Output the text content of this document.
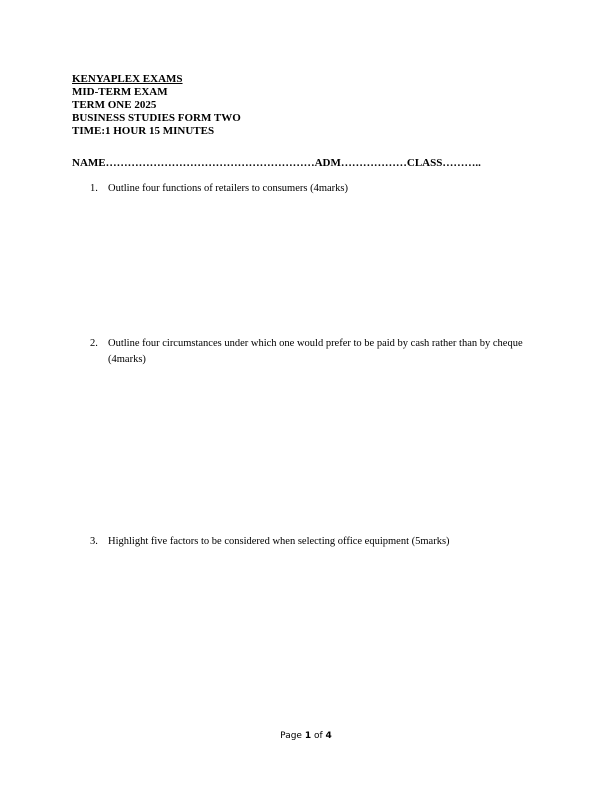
KENYAPLEX EXAMS
MID-TERM EXAM
TERM ONE 2025
BUSINESS STUDIES FORM TWO
TIME:1 HOUR 15 MINUTES
NAME…………………………………………………ADM………………CLASS………..
1. Outline four functions of retailers to consumers (4marks)
2. Outline four circumstances under which one would prefer to be paid by cash rather than by cheque (4marks)
3. Highlight five factors to be considered when selecting office equipment (5marks)
Page 1 of 4
